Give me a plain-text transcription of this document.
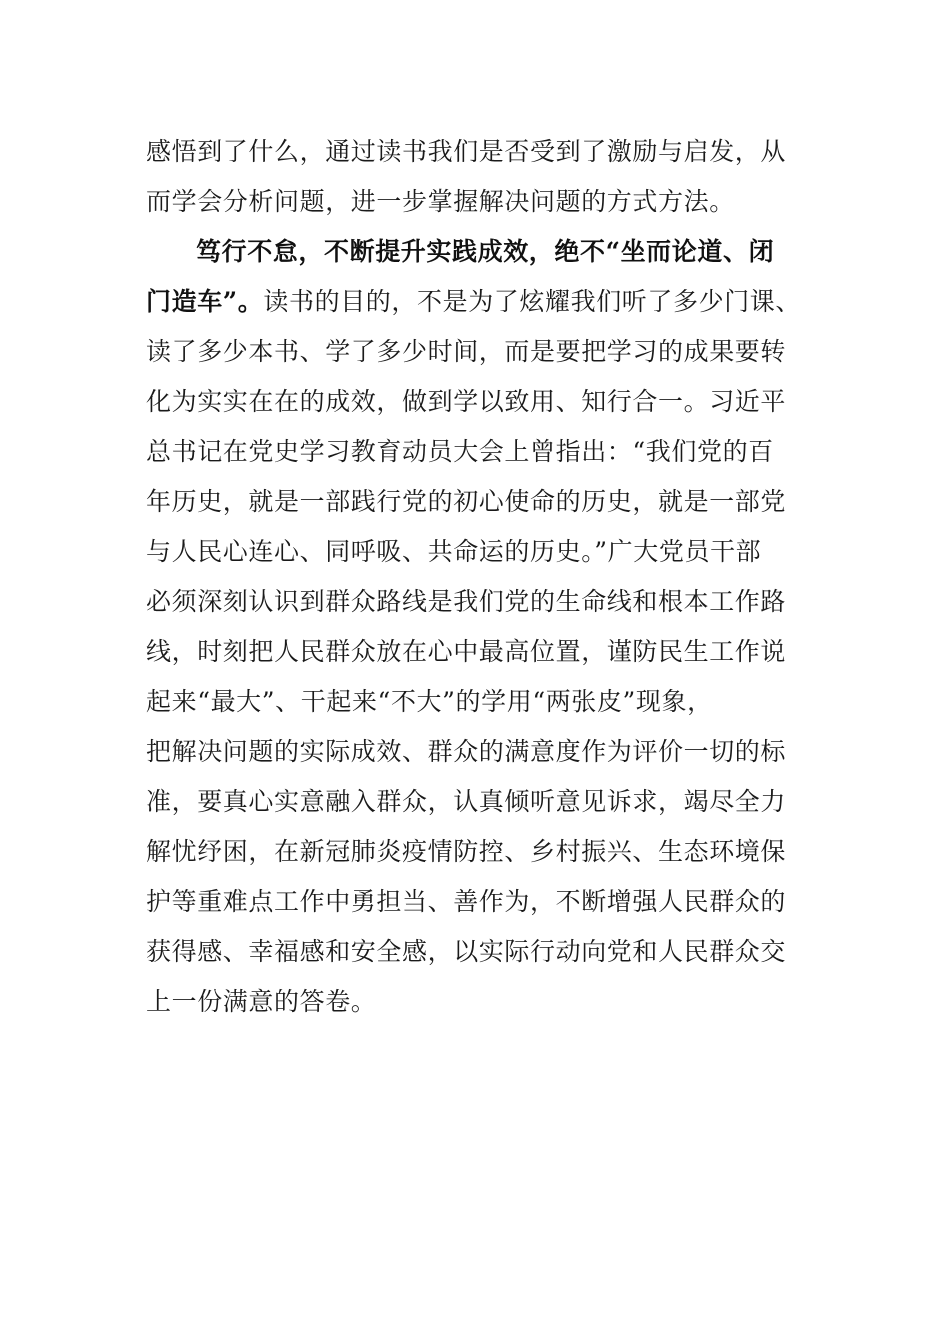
感悟到了什么，通过读书我们是否受到了激励与启发，从
而学会分析问题，进一步掌握解决问题的方式方法。
笃行不怠，不断提升实践成效，绝不“坐而论道、闭
门造车”。读书的目的，不是为了炫耀我们听了多少门课、
读了多少本书、学了多少时间，而是要把学习的成果要转
化为实实在在的成效，做到学以致用、知行合一。习近平
总书记在党史学习教育动员大会上曾指出：“我们党的百
年历史，就是一部践行党的初心使命的历史，就是一部党
与人民心连心、同呼吸、共命运的历史。”广大党员干部
必须深刻认识到群众路线是我们党的生命线和根本工作路
线，时刻把人民群众放在心中最高位置，谨防民生工作说
起来“最大”、干起来“不大”的学用“两张皮”现象，
把解决问题的实际成效、群众的满意度作为评价一切的标
准，要真心实意融入群众，认真倾听意见诉求，竭尽全力
解忧纾困，在新冠肺炎疫情防控、乡村振兴、生态环境保
护等重难点工作中勇担当、善作为，不断增强人民群众的
获得感、幸福感和安全感，以实际行动向党和人民群众交
上一份满意的答卷。
